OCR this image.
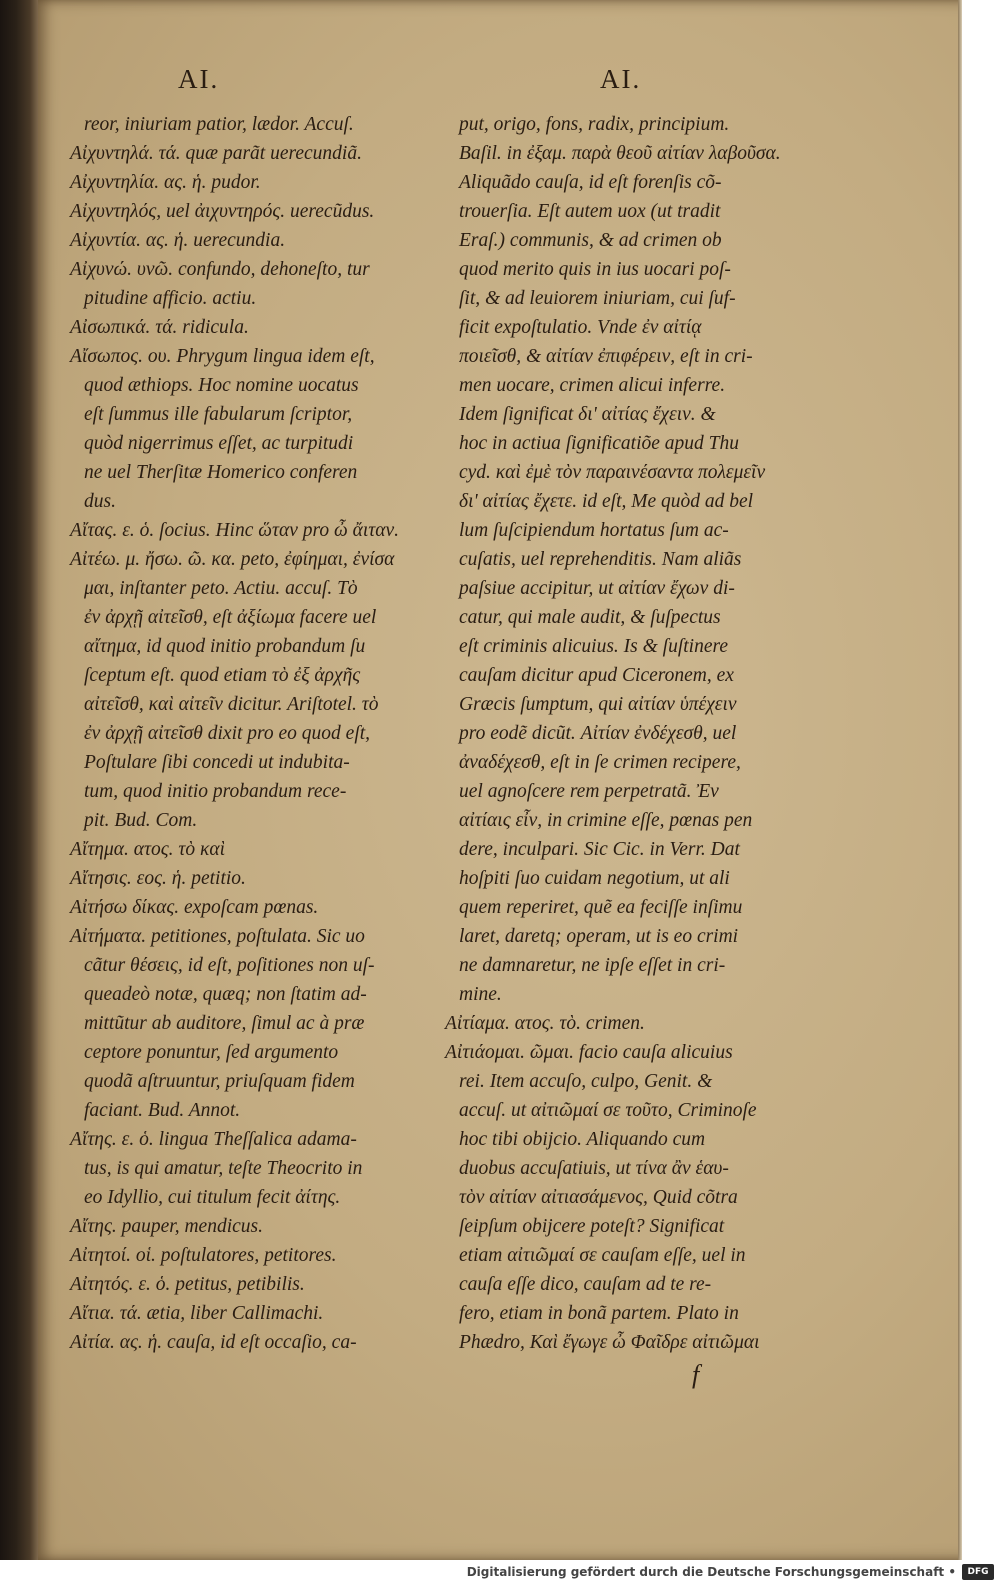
AI.	AI.
reor, iniuriam patior, lædor. Accuſ.
Αἰχυντηλά. τά. quæ parãt uerecundiã.
Αἰχυντηλία. ας. ἡ. pudor.
Αἰχυντηλός, uel ἀιχυντηρός. uerecũdus.
Αἰχυντία. ας. ἡ. uerecundia.
Αἰχυνώ. υνῶ. confundo, dehoneſto, tur
pitudine afficio. actiu.
Αἰσωπικά. τά. ridicula.
Αἴσωπος. ου. Phrygum lingua idem eſt,
quod æthiops. Hoc nomine uocatus
eſt ſummus ille fabularum ſcriptor,
quòd nigerrimus eſſet, ac turpitudi
ne uel Therſitæ Homerico conferen
dus.
Αἴτας. ε. ὁ. ſocius. Hinc ὥταν pro ὦ ἄιταν.
Αἰτέω. μ. ἤσω. ῶ. κα. peto, ἐφίημαι, ἐνίσα
μαι, inſtanter peto. Actiu. accuſ. Τὸ
ἐν ἀρχῇ αἰτεῖσθ, eſt ἀξίωμα facere uel
αἴτημα, id quod initio probandum ſu
ſceptum eſt. quod etiam τὸ ἐξ ἀρχῆς
αἰτεῖσθ, καὶ αἰτεῖν dicitur. Ariſtotel. τὸ
ἐν ἀρχῇ αἰτεῖσθ dixit pro eo quod eſt,
Poſtulare ſibi concedi ut indubita-
tum, quod initio probandum rece-
pit. Bud. Com.
Αἴτημα. ατος. τὸ καὶ
Αἴτησις. εος. ἡ. petitio.
Αἰτήσω δίκας. expoſcam pœnas.
Αἰτήματα. petitiones, poſtulata. Sic uo
cãtur θέσεις, id eſt, poſitiones non uſ-
queadeò notæ, quæq; non ſtatim ad-
mittũtur ab auditore, ſimul ac à præ
ceptore ponuntur, ſed argumento
quodã aſtruuntur, priuſquam fidem
faciant. Bud. Annot.
Αἴτης. ε. ὁ. lingua Theſſalica adama-
tus, is qui amatur, teſte Theocrito in
eo Idyllio, cui titulum fecit ἀίτης.
Αἴτης. pauper, mendicus.
Αἰτητοί. οἱ. poſtulatores, petitores.
Αἰτητός. ε. ὁ. petitus, petibilis.
Αἴτια. τά. ætia, liber Callimachi.
Αἰτία. ας. ἡ. cauſa, id eſt occaſio, ca-
put, origo, fons, radix, principium.
Baſil. in ἐξαμ. παρὰ θεοῦ αἰτίαν λαβοῦσα.
Aliquãdo cauſa, id eſt forenſis cõ-
trouerſia. Eſt autem uox (ut tradit
Eraſ.) communis, & ad crimen ob
quod merito quis in ius uocari poſ-
ſit, & ad leuiorem iniuriam, cui ſuf-
ficit expoſtulatio. Vnde ἐν αἰτίᾳ
ποιεῖσθ, & αἰτίαν ἐπιφέρειν, eſt in cri-
men uocare, crimen alicui inferre.
Idem ſignificat δι' αἰτίας ἔχειν. &
hoc in actiua ſignificatiõe apud Thu
cyd. καὶ ἐμὲ τὸν παραινέσαντα πολεμεῖν
δι' αἰτίας ἔχετε. id eſt, Me quòd ad bel
lum ſuſcipiendum hortatus ſum ac-
cuſatis, uel reprehenditis. Nam aliãs
paſsiue accipitur, ut αἰτίαν ἔχων di-
catur, qui male audit, & ſuſpectus
eſt criminis alicuius. Is & ſuſtinere
cauſam dicitur apud Ciceronem, ex
Græcis ſumptum, qui αἰτίαν ὑπέχειν
pro eodẽ dicũt. Αἰτίαν ἐνδέχεσθ, uel
ἀναδέχεσθ, eſt in ſe crimen recipere,
uel agnoſcere rem perpetratã. Ἐν
αἰτίαις εἶν, in crimine eſſe, pœnas pen
dere, inculpari. Sic Cic. in Verr. Dat
hoſpiti ſuo cuidam negotium, ut ali
quem reperiret, quẽ ea feciſſe inſimu
laret, daretq; operam, ut is eo crimi
ne damnaretur, ne ipſe eſſet in cri-
mine.
Αἰτίαμα. ατος. τὸ. crimen.
Αἰτιάομαι. ῶμαι. facio cauſa alicuius
rei. Item accuſo, culpo, Genit. &
accuſ. ut αἰτιῶμαί σε τοῦτο, Criminoſe
hoc tibi obijcio. Aliquando cum
duobus accuſatiuis, ut τίνα ἂν ἑαυ-
τὸν αἰτίαν αἰτιασάμενος, Quid cõtra
ſeipſum obijcere poteſt? Significat
etiam αἰτιῶμαί σε cauſam eſſe, uel in
cauſa eſſe dico, cauſam ad te re-
fero, etiam in bonã partem. Plato in
Phædro, Καὶ ἔγωγε ὦ Φαῖδρε αἰτιῶμαι
f
Digitalisierung gefördert durch die Deutsche Forschungsgemeinschaft •	DFG
